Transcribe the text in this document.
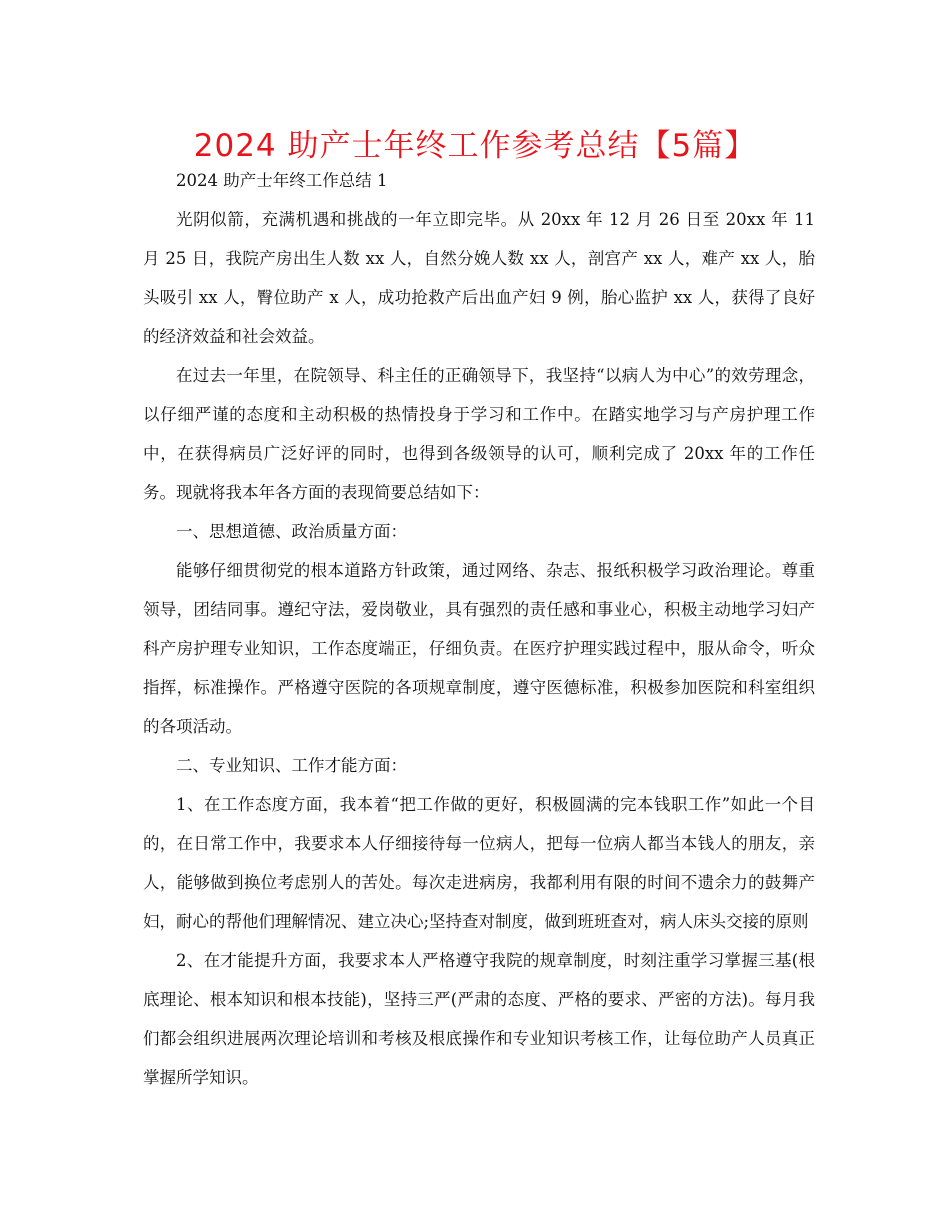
2024 助产士年终工作参考总结【5篇】

2024 助产士年终工作总结 1

光阴似箭，充满机遇和挑战的一年立即完毕。从 20xx 年 12 月 26 日至 20xx 年 11 月 25 日，我院产房出生人数 xx 人，自然分娩人数 xx 人，剖宫产 xx 人，难产 xx 人，胎头吸引 xx 人，臀位助产 x 人，成功抢救产后出血产妇 9 例，胎心监护 xx 人，获得了良好的经济效益和社会效益。

在过去一年里，在院领导、科主任的正确领导下，我坚持“以病人为中心”的效劳理念，以仔细严谨的态度和主动积极的热情投身于学习和工作中。在踏实地学习与产房护理工作中，在获得病员广泛好评的同时，也得到各级领导的认可，顺利完成了 20xx 年的工作任务。现就将我本年各方面的表现简要总结如下：

一、思想道德、政治质量方面：

能够仔细贯彻党的根本道路方针政策，通过网络、杂志、报纸积极学习政治理论。尊重领导，团结同事。遵纪守法，爱岗敬业，具有强烈的责任感和事业心，积极主动地学习妇产科产房护理专业知识，工作态度端正，仔细负责。在医疗护理实践过程中，服从命令，听众指挥，标准操作。严格遵守医院的各项规章制度，遵守医德标准，积极参加医院和科室组织的各项活动。

二、专业知识、工作才能方面：

1、在工作态度方面，我本着“把工作做的更好，积极圆满的完本钱职工作”如此一个目的，在日常工作中，我要求本人仔细接待每一位病人，把每一位病人都当本钱人的朋友，亲人，能够做到换位考虑别人的苦处。每次走进病房，我都利用有限的时间不遗余力的鼓舞产妇，耐心的帮他们理解情况、建立决心;坚持查对制度，做到班班查对，病人床头交接的原则

2、在才能提升方面，我要求本人严格遵守我院的规章制度，时刻注重学习掌握三基(根底理论、根本知识和根本技能)，坚持三严(严肃的态度、严格的要求、严密的方法)。每月我们都会组织进展两次理论培训和考核及根底操作和专业知识考核工作，让每位助产人员真正掌握所学知识。
